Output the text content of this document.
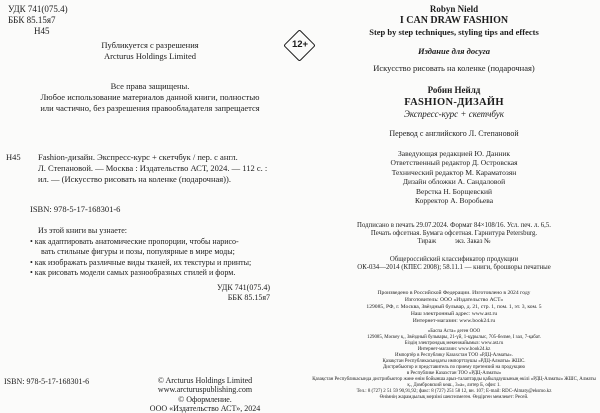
УДК 741(075.4)
ББК 85.15я7
Н45
Публикуется с разрешения
Arcturus Holdings Limited
12+
Все права защищены.
Любое использование материалов данной книги, полностью
или частично, без разрешения правообладателя запрещается
Н45	Fashion-дизайн. Экспресс-курс + скетчбук / пер. с англ.
Л. Степановой. — Москва : Издательство АСТ, 2024. — 112 с. :
ил. — (Искусство рисовать на коленке (подарочная)).
ISBN: 978-5-17-168301-6
Из этой книги вы узнаете:
• как адаптировать анатомические пропорции, чтобы нарисо-
вать стильные фигуры и позы, популярные в мире моды;
• как изображать различные виды тканей, их текстуры и принты;
• как рисовать модели самых разнообразных стилей и форм.
УДК 741(075.4)
ББК 85.15я7
ISBN: 978-5-17-168301-6	© Arcturus Holdings Limited
www.arcturuspublishing.com
© Оформление.
ООО «Издательство АСТ», 2024
Robyn Nield
I CAN DRAW FASHION
Step by step techniques, styling tips and effects
Издание для досуга
Искусство рисовать на коленке (подарочная)
Робин Нейлд
FASHION-ДИЗАЙН
Экспресс-курс + скетчбук
Перевод с английского Л. Степановой
Заведующая редакцией Ю. Данник
Ответственный редактор Д. Островская
Технический редактор М. Караматозян
Дизайн обложки А. Сандаловой
Верстка Н. Борщевский
Корректор А. Воробьева
Подписано в печать 29.07.2024. Формат 84×108/16. Усл. печ. л. 6,5.
Печать офсетная. Бумага офсетная. Гарнитура Petersburg.
Тираж           экз. Заказ №
Общероссийский классификатор продукции
ОК-034—2014 (КПЕС 2008); 58.11.1 — книги, брошюры печатные
Произведено в Российской Федерации. Изготовлено в 2024 году
Изготовитель: ООО «Издательство АСТ»
129085, РФ, г. Москва, Звёздный бульвар, д. 21, стр. 1, пом. 1, эт. 3, ком. 5
Наш электронный адрес: www.ast.ru
Интернет-магазин: www.book24.ru
«Баспа Аста» деген ООО
129085, Мәскеу қ., Звёздный бульвары, 21-үй, 1-құрылыс, 705-бөлме, I зал, 7-қабат.
Біздің электрондық мекенжайымыз: www.ast.ru
Интернет-магазин: www.book24.kz
Импортёр в Республику Казахстан ТОО «РДЦ-Алматы».
Қазақстан Республикасындағы импорттаушы «РДЦ-Алматы» ЖШС.
Дистрибьютор и представитель по приему претензий на продукцию
в Республике Казахстан ТОО «РДЦ-Алматы»
Қазақстан Республикасында дистрибьютор және өнім бойынша арыз-талаптарды қабылдаушының өкілі «РДЦ-Алматы» ЖШС, Алматы қ., Домбровский көш., 3«а», литер Б, офис 1.
Тел.: 8 (727) 2 51 59 90,91,92; факс: 8 (727) 251 58 12, вн. 107; E-mail: RDC-Almaty@eksmo.kz
Өнімнің жарамдылық мерзімі шектелмеген. Өндірген мемлекет: Ресей.
